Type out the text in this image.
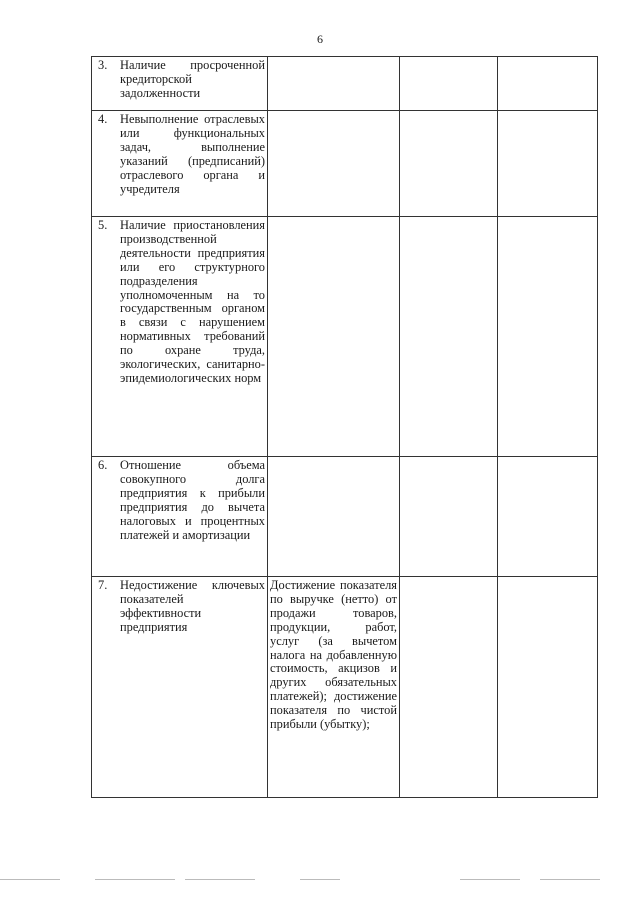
6
3. Наличие просроченной кредиторской задолженности			

4. Невыполнение отраслевых или функциональных задач, выполнение указаний (предписаний) отраслевого органа и учредителя			

5. Наличие приостановления производственной деятельности предприятия или его структурного подразделения уполномоченным на то государственным органом в связи с нарушением нормативных требований по охране труда, экологических, санитарно-эпидемиологических норм			

6. Отношение объема совокупного долга предприятия к прибыли предприятия до вычета налоговых и процентных платежей и амортизации			

7. Недостижение ключевых показателей эффективности предприятия	Достижение показателя по выручке (нетто) от продажи товаров, продукции, работ, услуг (за вычетом налога на добавленную стоимость, акцизов и других обязательных платежей); достижение показателя по чистой прибыли (убытку);		
